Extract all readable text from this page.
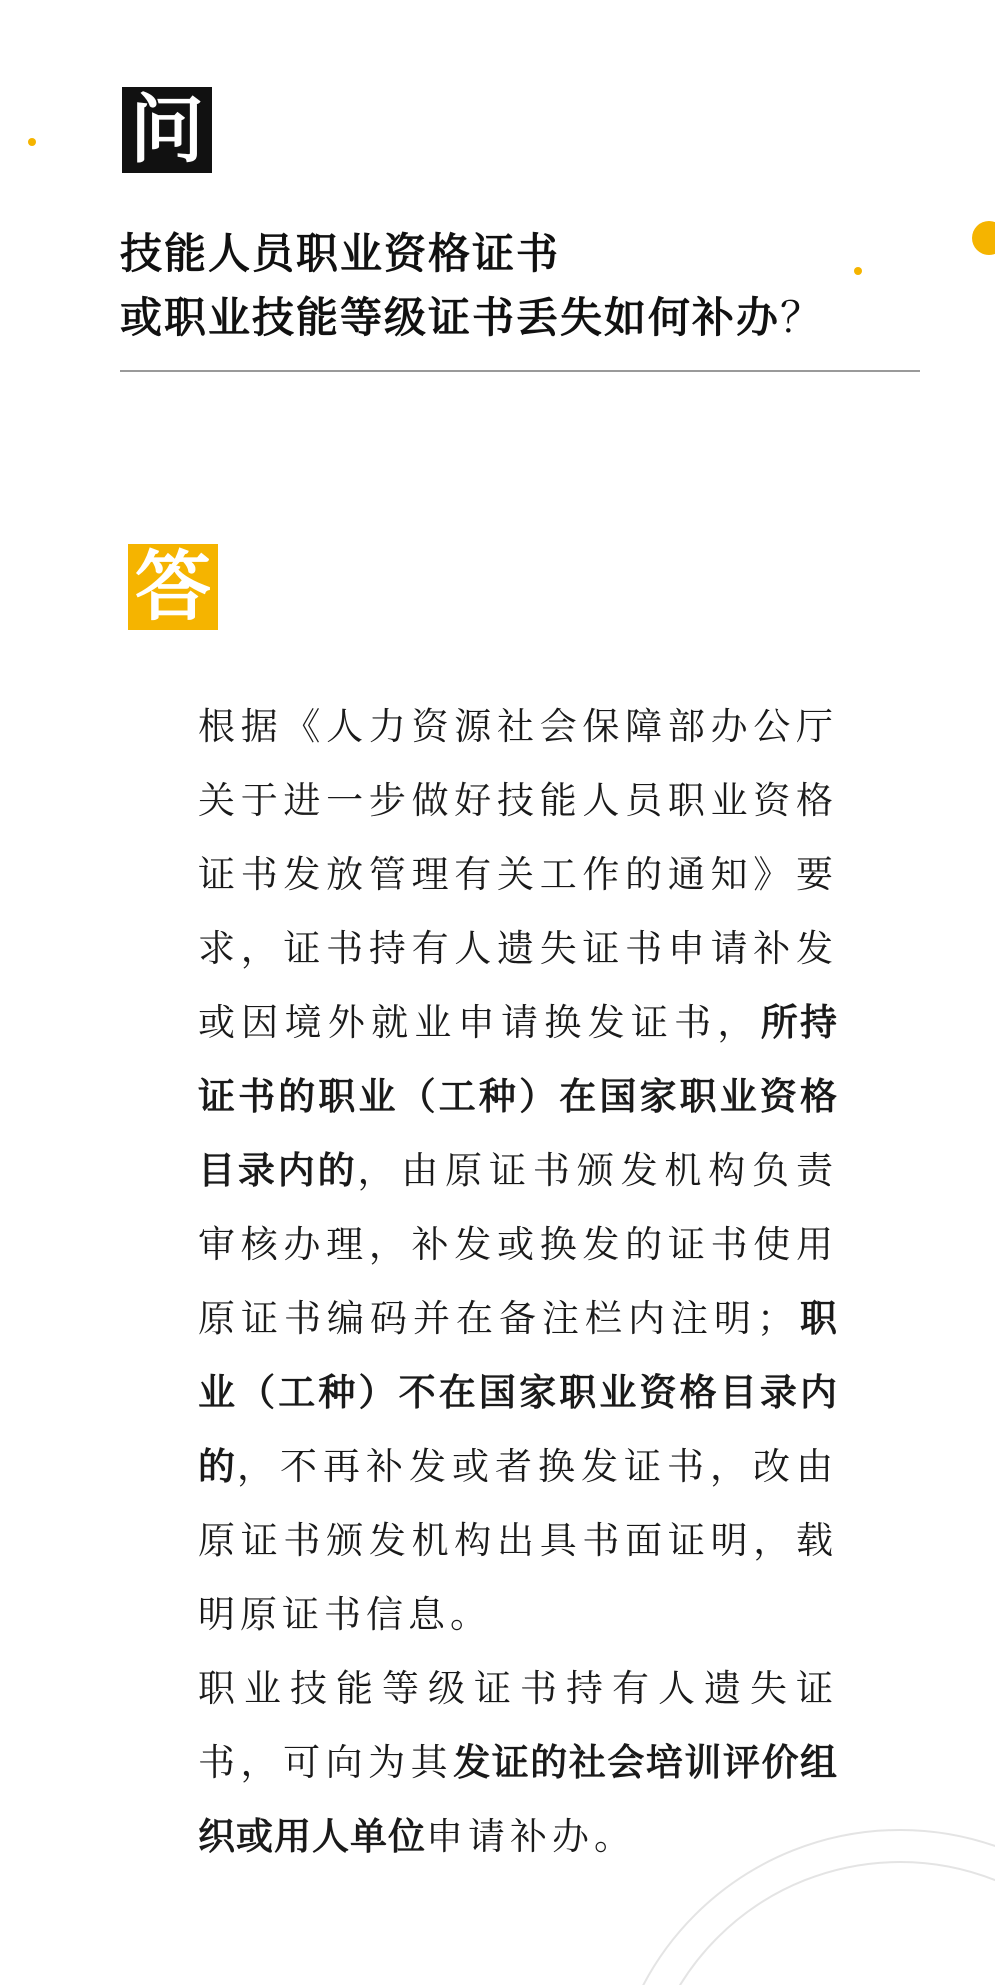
问
技能人员职业资格证书
或职业技能等级证书丢失如何补办？
答

根据《人力资源社会保障部办公厅关于进一步做好技能人员职业资格证书发放管理有关工作的通知》要求，证书持有人遗失证书申请补发或因境外就业申请换发证书，所持证书的职业（工种）在国家职业资格目录内的，由原证书颁发机构负责审核办理，补发或换发的证书使用原证书编码并在备注栏内注明；职业（工种）不在国家职业资格目录内的，不再补发或者换发证书，改由原证书颁发机构出具书面证明，载明原证书信息。

职业技能等级证书持有人遗失证书，可向为其发证的社会培训评价组织或用人单位申请补办。
